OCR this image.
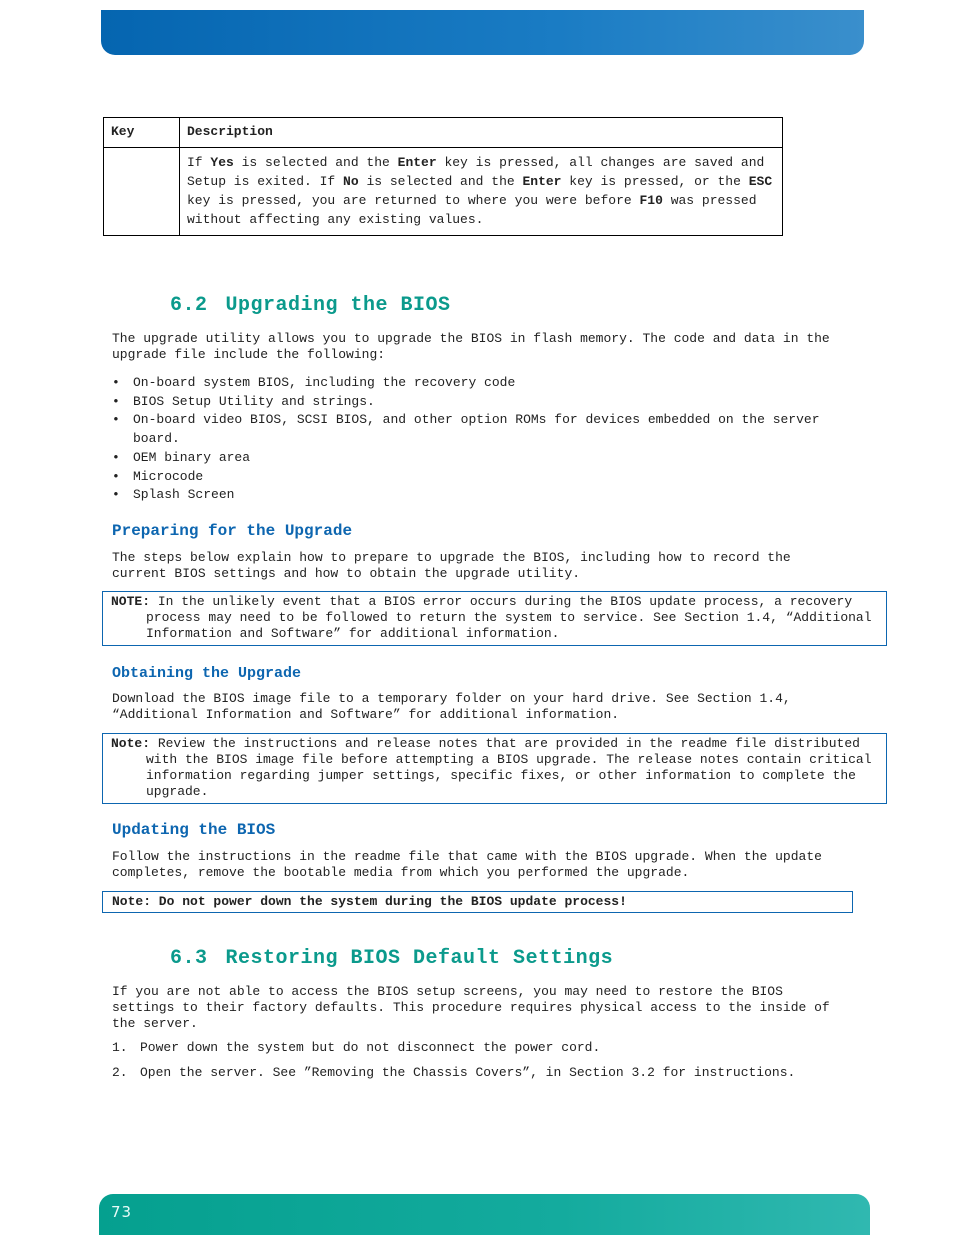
Key	Description
	If Yes is selected and the Enter key is pressed, all changes are saved and Setup is exited. If No is selected and the Enter key is pressed, or the ESC key is pressed, you are returned to where you were before F10 was pressed without affecting any existing values.
6.2 Upgrading the BIOS
The upgrade utility allows you to upgrade the BIOS in flash memory. The code and data in the upgrade file include the following:
• On-board system BIOS, including the recovery code
• BIOS Setup Utility and strings.
• On-board video BIOS, SCSI BIOS, and other option ROMs for devices embedded on the server board.
• OEM binary area
• Microcode
• Splash Screen
Preparing for the Upgrade
The steps below explain how to prepare to upgrade the BIOS, including how to record the current BIOS settings and how to obtain the upgrade utility.
NOTE: In the unlikely event that a BIOS error occurs during the BIOS update process, a recovery process may need to be followed to return the system to service. See Section 1.4, “Additional Information and Software” for additional information.
Obtaining the Upgrade
Download the BIOS image file to a temporary folder on your hard drive. See Section 1.4, “Additional Information and Software” for additional information.
Note: Review the instructions and release notes that are provided in the readme file distributed with the BIOS image file before attempting a BIOS upgrade. The release notes contain critical information regarding jumper settings, specific fixes, or other information to complete the upgrade.
Updating the BIOS
Follow the instructions in the readme file that came with the BIOS upgrade. When the update completes, remove the bootable media from which you performed the upgrade.
Note: Do not power down the system during the BIOS update process!
6.3 Restoring BIOS Default Settings
If you are not able to access the BIOS setup screens, you may need to restore the BIOS settings to their factory defaults. This procedure requires physical access to the inside of the server.
1. Power down the system but do not disconnect the power cord.
2. Open the server. See ”Removing the Chassis Covers”, in Section 3.2 for instructions.
73
